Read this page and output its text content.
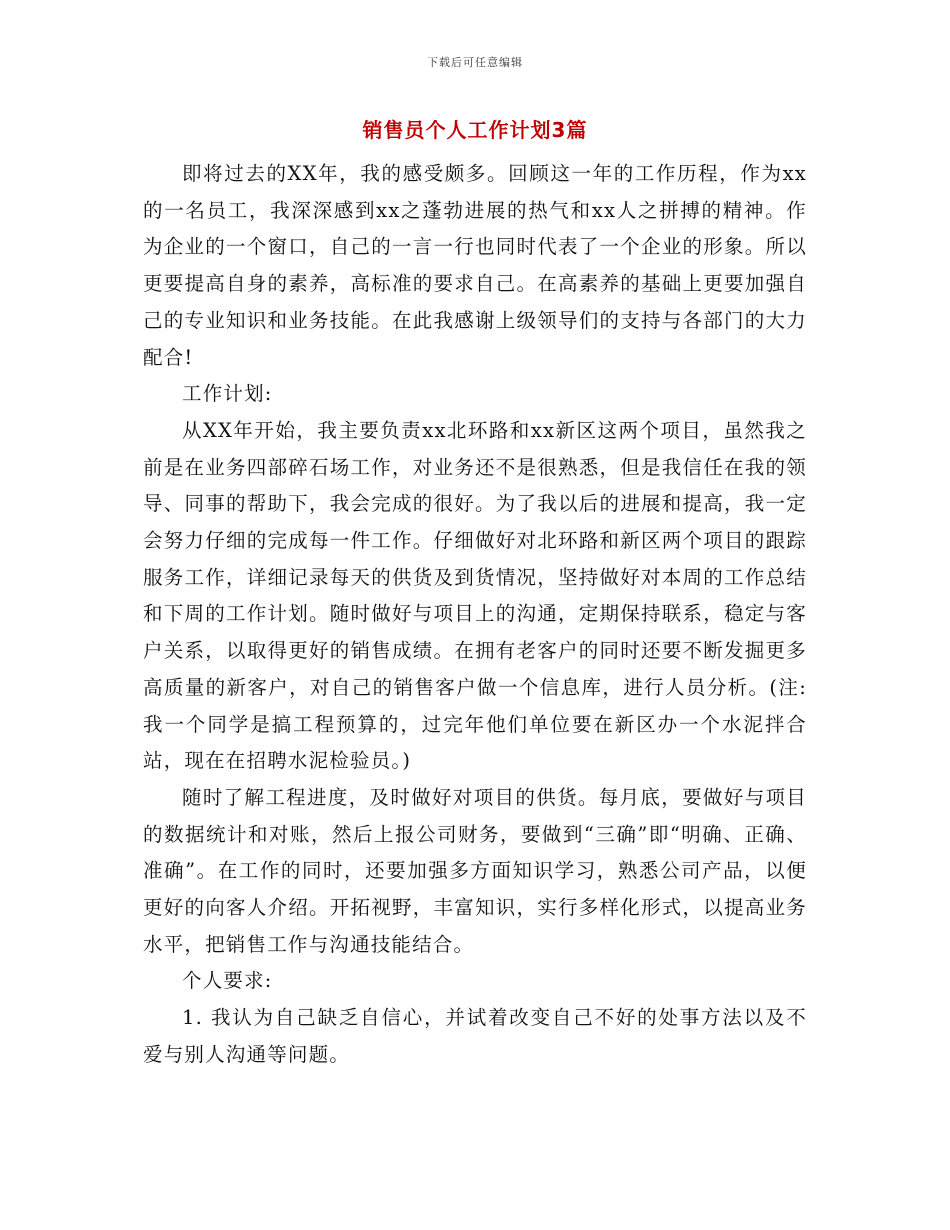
下载后可任意编辑
销售员个人工作计划3篇

即将过去的XX年，我的感受颇多。回顾这一年的工作历程，作为xx的一名员工，我深深感到xx之蓬勃进展的热气和xx人之拼搏的精神。作为企业的一个窗口，自己的一言一行也同时代表了一个企业的形象。所以更要提高自身的素养，高标准的要求自己。在高素养的基础上更要加强自己的专业知识和业务技能。在此我感谢上级领导们的支持与各部门的大力配合!

工作计划:

从XX年开始，我主要负责xx北环路和xx新区这两个项目，虽然我之前是在业务四部碎石场工作，对业务还不是很熟悉，但是我信任在我的领导、同事的帮助下，我会完成的很好。为了我以后的进展和提高，我一定会努力仔细的完成每一件工作。仔细做好对北环路和新区两个项目的跟踪服务工作，详细记录每天的供货及到货情况，坚持做好对本周的工作总结和下周的工作计划。随时做好与项目上的沟通，定期保持联系，稳定与客户关系，以取得更好的销售成绩。在拥有老客户的同时还要不断发掘更多高质量的新客户，对自己的销售客户做一个信息库，进行人员分析。(注:我一个同学是搞工程预算的，过完年他们单位要在新区办一个水泥拌合站，现在在招聘水泥检验员。)

随时了解工程进度，及时做好对项目的供货。每月底，要做好与项目的数据统计和对账，然后上报公司财务，要做到“三确”即“明确、正确、准确”。在工作的同时，还要加强多方面知识学习，熟悉公司产品，以便更好的向客人介绍。开拓视野，丰富知识，实行多样化形式，以提高业务水平，把销售工作与沟通技能结合。

个人要求:

1. 我认为自己缺乏自信心，并试着改变自己不好的处事方法以及不爱与别人沟通等问题。
